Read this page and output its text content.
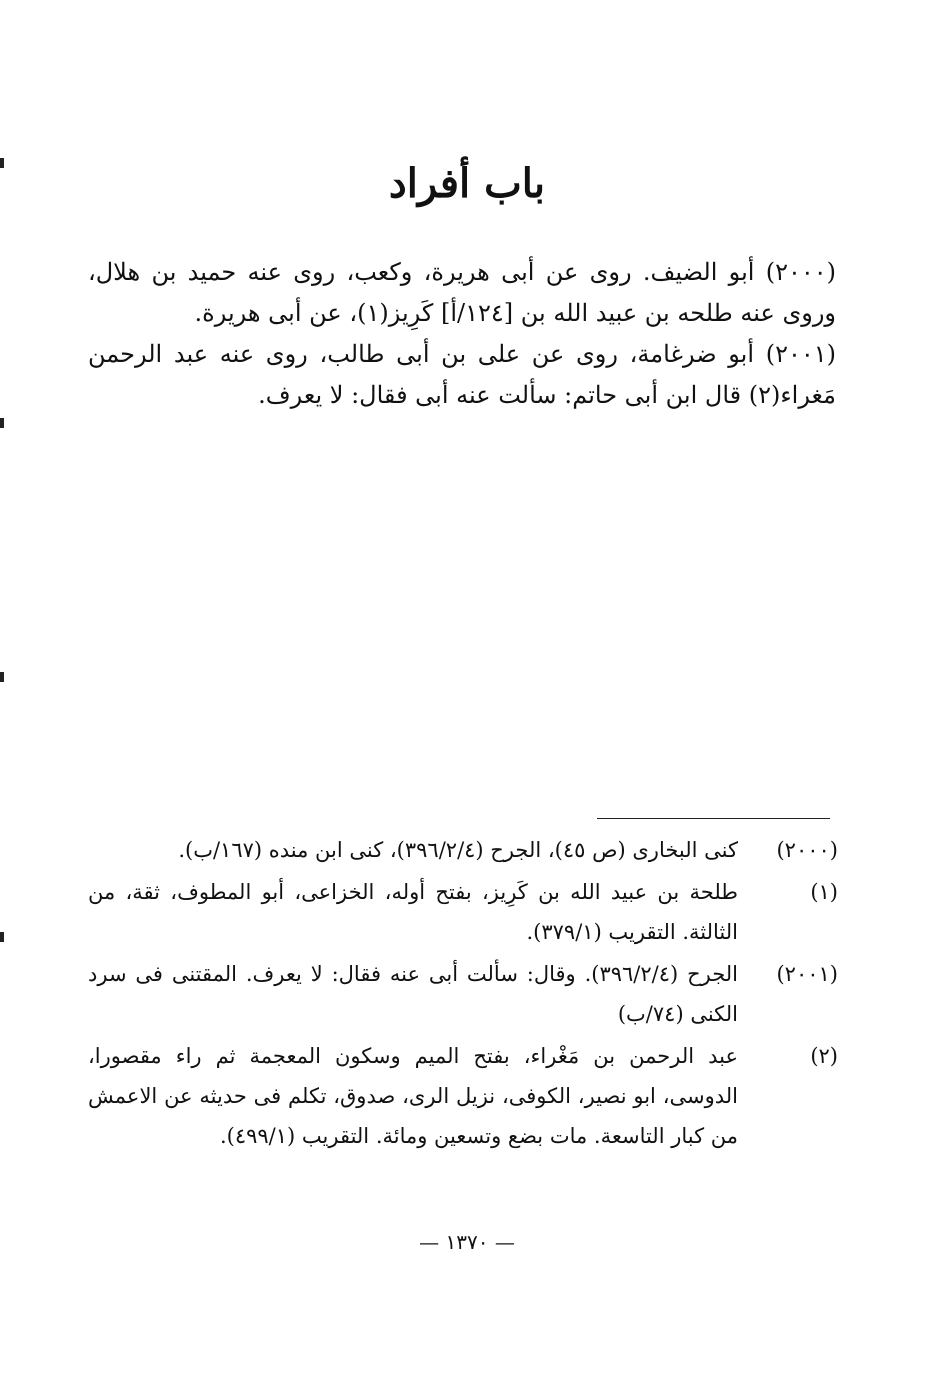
باب أفراد

(٢٠٠٠) أبو الضيف. روى عن أبى هريرة، وكعب، روى عنه حميد بن هلال، وروى عنه طلحه بن عبيد الله بن [١٢٤/أ] كَرِيز(١)، عن أبى هريرة.

(٢٠٠١) أبو ضرغامة، روى عن على بن أبى طالب، روى عنه عبد الرحمن مَغراء(٢) قال ابن أبى حاتم: سألت عنه أبى فقال: لا يعرف.

(٢٠٠٠)
كنى البخارى (ص ٤٥)، الجرح (٣٩٦/٢/٤)، كنى ابن منده (١٦٧/ب).
(١)
طلحة بن عبيد الله بن كَرِيز، بفتح أوله، الخزاعى، أبو المطوف، ثقة، من الثالثة. التقريب (٣٧٩/١).
(٢٠٠١)
الجرح (٣٩٦/٢/٤). وقال: سألت أبى عنه فقال: لا يعرف. المقتنى فى سرد الكنى (٧٤/ب)
(٢)
عبد الرحمن بن مَغْراء، بفتح الميم وسكون المعجمة ثم راء مقصورا، الدوسى، ابو نصير، الكوفى، نزيل الرى، صدوق، تكلم فى حديثه عن الاعمش من كبار التاسعة. مات بضع وتسعين ومائة. التقريب (٤٩٩/١).
— ١٣٧٠ —
